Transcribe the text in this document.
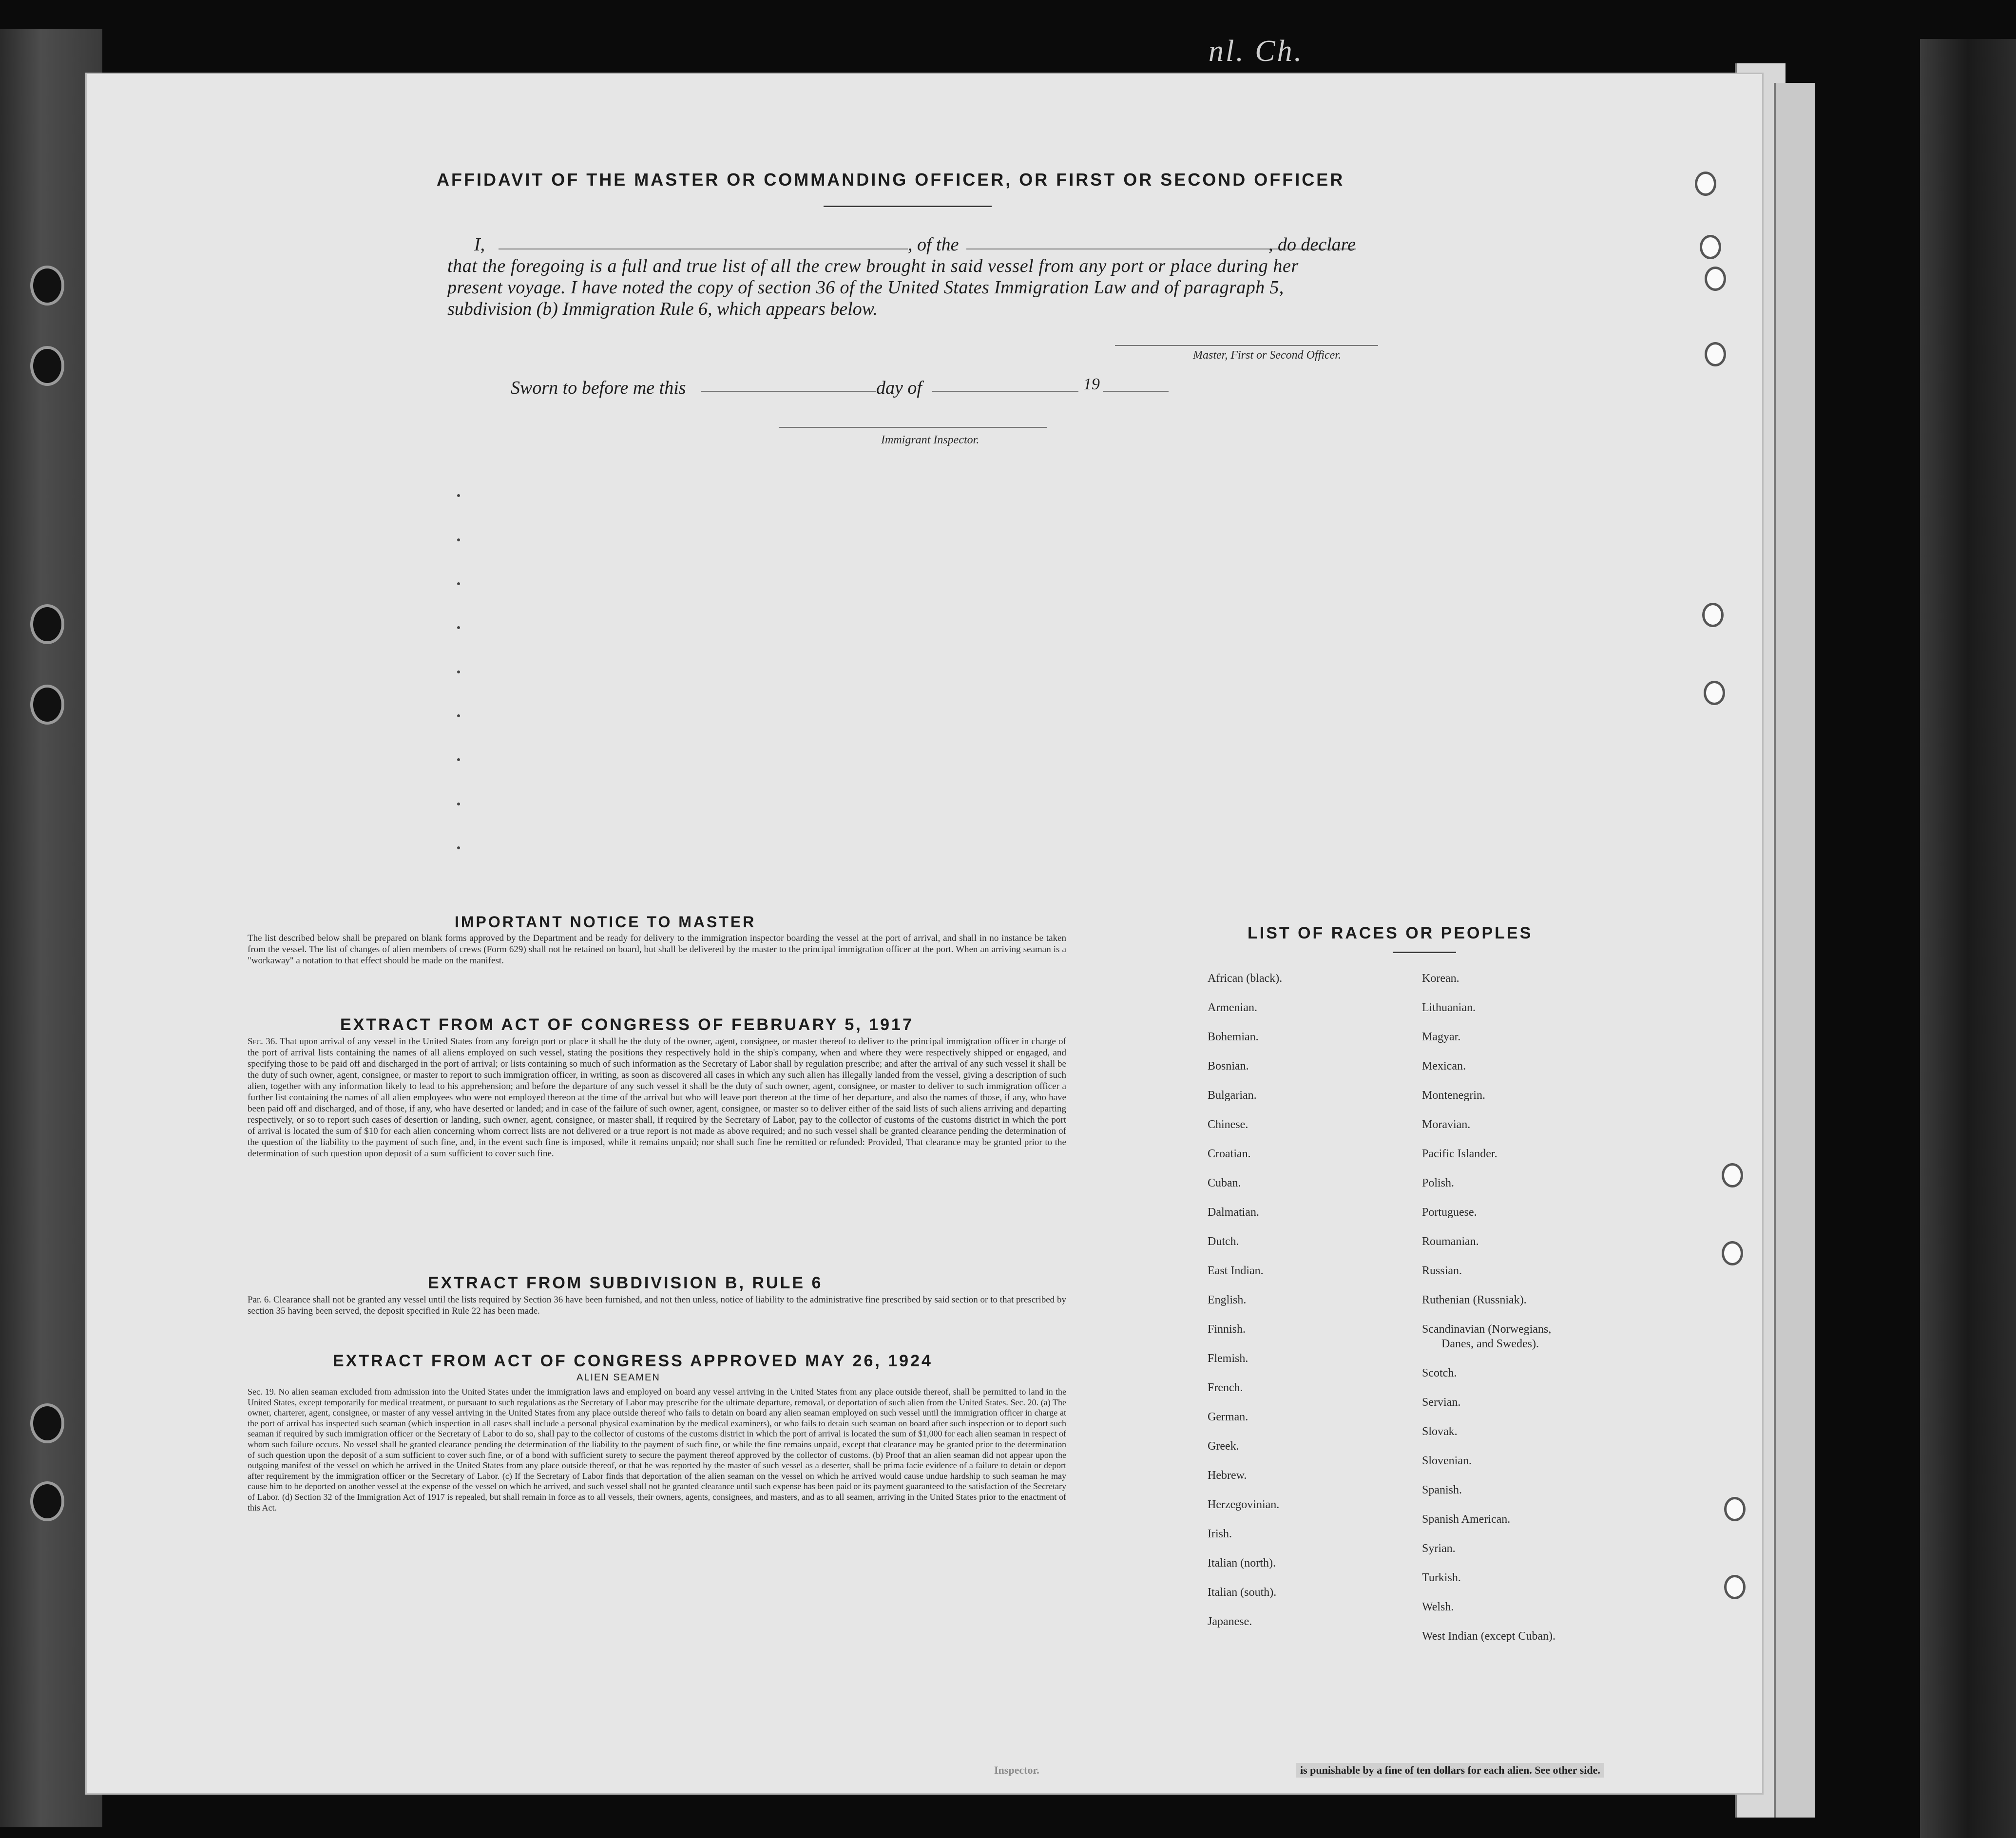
nl. Ch.
AFFIDAVIT OF THE MASTER OR COMMANDING OFFICER, OR FIRST OR SECOND OFFICER
I,	, of the	, do declare
that the foregoing is a full and true list of all the crew brought in said vessel from any port or place during her
present voyage. I have noted the copy of section 36 of the United States Immigration Law and of paragraph 5,
subdivision (b) Immigration Rule 6, which appears below.
Master, First or Second Officer.
Sworn to before me this	day of	19
Immigrant Inspector.
IMPORTANT NOTICE TO MASTER

The list described below shall be prepared on blank forms approved by the Department and be ready for delivery to the immigration inspector boarding the vessel at the port of arrival, and shall in no instance be taken from the vessel. The list of changes of alien members of crews (Form 629) shall not be retained on board, but shall be delivered by the master to the principal immigration officer at the port. When an arriving seaman is a "workaway" a notation to that effect should be made on the manifest.

EXTRACT FROM ACT OF CONGRESS OF FEBRUARY 5, 1917

Sec. 36. That upon arrival of any vessel in the United States from any foreign port or place it shall be the duty of the owner, agent, consignee, or master thereof to deliver to the principal immigration officer in charge of the port of arrival lists containing the names of all aliens employed on such vessel, stating the positions they respectively hold in the ship's company, when and where they were respectively shipped or engaged, and specifying those to be paid off and discharged in the port of arrival; or lists containing so much of such information as the Secretary of Labor shall by regulation prescribe; and after the arrival of any such vessel it shall be the duty of such owner, agent, consignee, or master to report to such immigration officer, in writing, as soon as discovered all cases in which any such alien has illegally landed from the vessel, giving a description of such alien, together with any information likely to lead to his apprehension; and before the departure of any such vessel it shall be the duty of such owner, agent, consignee, or master to deliver to such immigration officer a further list containing the names of all alien employees who were not employed thereon at the time of the arrival but who will leave port thereon at the time of her departure, and also the names of those, if any, who have been paid off and discharged, and of those, if any, who have deserted or landed; and in case of the failure of such owner, agent, consignee, or master so to deliver either of the said lists of such aliens arriving and departing respectively, or so to report such cases of desertion or landing, such owner, agent, consignee, or master shall, if required by the Secretary of Labor, pay to the collector of customs of the customs district in which the port of arrival is located the sum of $10 for each alien concerning whom correct lists are not delivered or a true report is not made as above required; and no such vessel shall be granted clearance pending the determination of the question of the liability to the payment of such fine, and, in the event such fine is imposed, while it remains unpaid; nor shall such fine be remitted or refunded: Provided, That clearance may be granted prior to the determination of such question upon deposit of a sum sufficient to cover such fine.

EXTRACT FROM SUBDIVISION B, RULE 6

Par. 6. Clearance shall not be granted any vessel until the lists required by Section 36 have been furnished, and not then unless, notice of liability to the administrative fine prescribed by said section or to that prescribed by section 35 having been served, the deposit specified in Rule 22 has been made.

EXTRACT FROM ACT OF CONGRESS APPROVED MAY 26, 1924
ALIEN SEAMEN

Sec. 19. No alien seaman excluded from admission into the United States under the immigration laws and employed on board any vessel arriving in the United States from any place outside thereof, shall be permitted to land in the United States, except temporarily for medical treatment, or pursuant to such regulations as the Secretary of Labor may prescribe for the ultimate departure, removal, or deportation of such alien from the United States. Sec. 20. (a) The owner, charterer, agent, consignee, or master of any vessel arriving in the United States from any place outside thereof who fails to detain on board any alien seaman employed on such vessel until the immigration officer in charge at the port of arrival has inspected such seaman (which inspection in all cases shall include a personal physical examination by the medical examiners), or who fails to detain such seaman on board after such inspection or to deport such seaman if required by such immigration officer or the Secretary of Labor to do so, shall pay to the collector of customs of the customs district in which the port of arrival is located the sum of $1,000 for each alien seaman in respect of whom such failure occurs. No vessel shall be granted clearance pending the determination of the liability to the payment of such fine, or while the fine remains unpaid, except that clearance may be granted prior to the determination of such question upon the deposit of a sum sufficient to cover such fine, or of a bond with sufficient surety to secure the payment thereof approved by the collector of customs. (b) Proof that an alien seaman did not appear upon the outgoing manifest of the vessel on which he arrived in the United States from any place outside thereof, or that he was reported by the master of such vessel as a deserter, shall be prima facie evidence of a failure to detain or deport after requirement by the immigration officer or the Secretary of Labor. (c) If the Secretary of Labor finds that deportation of the alien seaman on the vessel on which he arrived would cause undue hardship to such seaman he may cause him to be deported on another vessel at the expense of the vessel on which he arrived, and such vessel shall not be granted clearance until such expense has been paid or its payment guaranteed to the satisfaction of the Secretary of Labor. (d) Section 32 of the Immigration Act of 1917 is repealed, but shall remain in force as to all vessels, their owners, agents, consignees, and masters, and as to all seamen, arriving in the United States prior to the enactment of this Act.

LIST OF RACES OR PEOPLES
African (black).
Armenian.
Bohemian.
Bosnian.
Bulgarian.
Chinese.
Croatian.
Cuban.
Dalmatian.
Dutch.
East Indian.
English.
Finnish.
Flemish.
French.
German.
Greek.
Hebrew.
Herzegovinian.
Irish.
Italian (north).
Italian (south).
Japanese.
Korean.
Lithuanian.
Magyar.
Mexican.
Montenegrin.
Moravian.
Pacific Islander.
Polish.
Portuguese.
Roumanian.
Russian.
Ruthenian (Russniak).
Scandinavian (Norwegians,
Danes, and Swedes).
Scotch.
Servian.
Slovak.
Slovenian.
Spanish.
Spanish American.
Syrian.
Turkish.
Welsh.
West Indian (except Cuban).
Inspector.	is punishable by a fine of ten dollars for each alien. See other side.
